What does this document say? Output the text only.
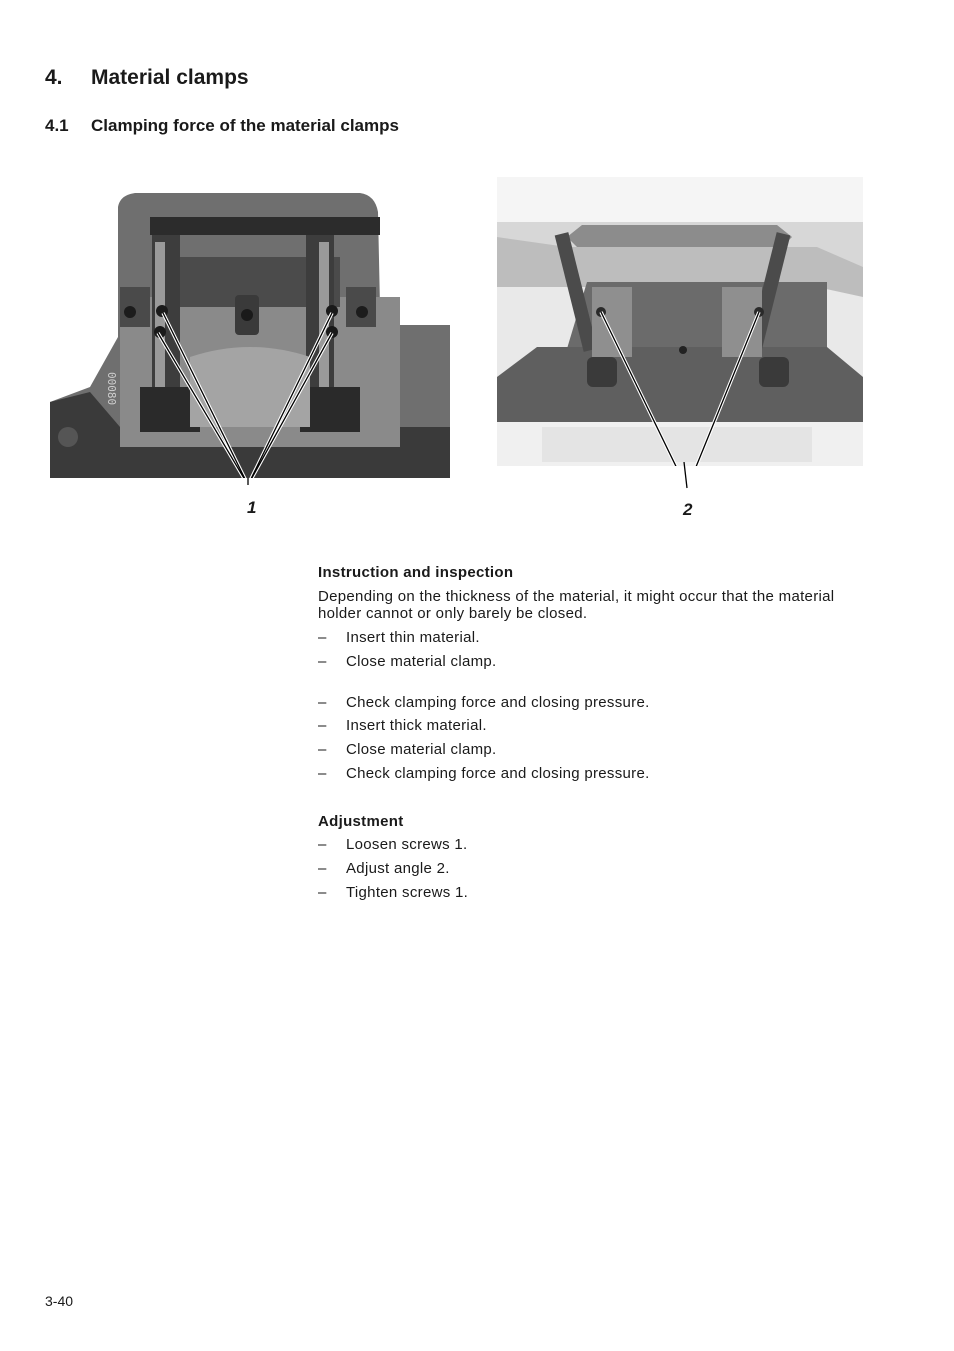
4. Material clamps
4.1 Clamping force of the material clamps
00080
1	2
Instruction and inspection
Depending on the thickness of the material, it might occur that the material holder cannot or only barely be closed.
– Insert thin material.
– Close material clamp.
– Check clamping force and closing pressure.
– Insert thick material.
– Close material clamp.
– Check clamping force and closing pressure.
Adjustment
– Loosen screws 1.
– Adjust angle 2.
– Tighten screws 1.
3-40
